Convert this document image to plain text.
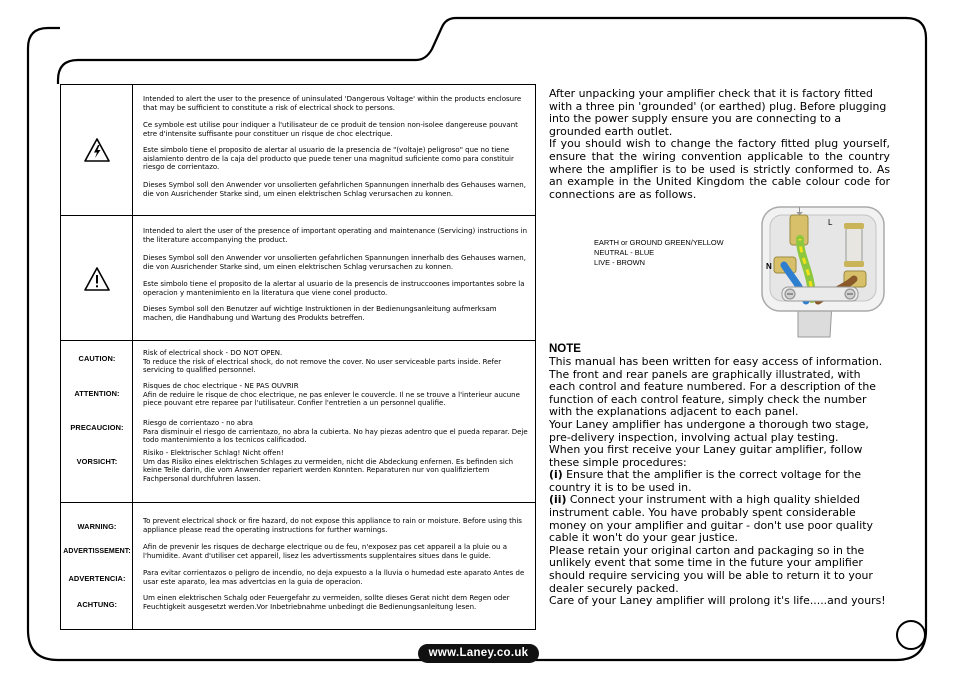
Intended to alert the user to the presence of uninsulated 'Dangerous Voltage' within the products enclosure that may be sufficient to constitute a risk of electrical shock to persons.

Ce symbole est utilise pour indiquer a l'utilisateur de ce produit de tension non-isolee dangereuse pouvant etre d'intensite suffisante pour constituer un risque de choc electrique.

Este simbolo tiene el proposito de alertar al usuario de la presencia de "(voltaje) peligroso" que no tiene aislamiento dentro de la caja del producto que puede tener una magnitud suficiente como para constituir riesgo de corrientazo.

Dieses Symbol soll den Anwender vor unsolierten gefahrlichen Spannungen innerhalb des Gehauses warnen, die von Ausrichender Starke sind, um einen elektrischen Schlag verursachen zu konnen.

Intended to alert the user of the presence of important operating and maintenance (Servicing) instructions in the literature accompanying the product.

Dieses Symbol soll den Anwender vor unsolierten gefahrlichen Spannungen innerhalb des Gehauses warnen, die von Ausrichender Starke sind, um einen elektrischen Schlag verursachen zu konnen.

Este simbolo tiene el proposito de la alertar al usuario de la presencis de instruccoones importantes sobre la operacion y mantenimiento en la literatura que viene conel producto.

Dieses Symbol soll den Benutzer auf wichtige Instruktionen in der Bedienungsanleitung aufmerksam machen, die Handhabung und Wartung des Produkts betreffen.

CAUTION:
ATTENTION:
PRECAUCION:
VORSICHT:

Risk of electrical shock - DO NOT OPEN.
To reduce the risk of electrical shock, do not remove the cover. No user serviceable parts inside. Refer servicing to qualified personnel.

Risques de choc electrique - NE PAS OUVRIR
Afin de reduire le risque de choc electrique, ne pas enlever le couvercle. Il ne se trouve a l'interieur aucune piece pouvant etre reparee par l'utilisateur. Confier l'entretien a un personnel qualifie.

Riesgo de corrientazo - no abra
Para disminuir el riesgo de carrientazo, no abra la cubierta. No hay piezas adentro que el pueda reparar. Deje todo mantenimiento a los tecnicos calificadod.

Risiko - Elektrischer Schlag! Nicht offen!
Um das Risiko eines elektrischen Schlages zu vermeiden, nicht die Abdeckung enfernen. Es befinden sich keine Teile darin, die vom Anwender repariert werden Konnten. Reparaturen nur von qualifiziertem Fachpersonal durchfuhren lassen.

WARNING:
ADVERTISSEMENT:
ADVERTENCIA:
ACHTUNG:

To prevent electrical shock or fire hazard, do not expose this appliance to rain or moisture. Before using this appliance please read the operating instructions for further warnings.

Afin de prevenir les risques de decharge electrique ou de feu, n'exposez pas cet appareil a la pluie ou a l'humidite. Avant d'utiliser cet appareil, lisez les advertissments supplentaires situes dans le guide.

Para evitar corrientazos o peligro de incendio, no deja expuesto a la lluvia o humedad este aparato Antes de usar este aparato, lea mas advertcias en la guia de operacion.

Um einen elektrischen Schalg oder Feuergefahr zu vermeiden, sollte dieses Gerat nicht dem Regen oder Feuchtigkeit ausgesetzt werden.Vor Inbetriebnahme unbedingt die Bedienungsanleitung lesen.

After unpacking your amplifier check that it is factory fitted with a three pin 'grounded' (or earthed) plug. Before plugging into the power supply ensure you are connecting to a grounded earth outlet.

If you should wish to change the factory fitted plug yourself, ensure that the wiring convention applicable to the country where the amplifier is to be used is strictly conformed to. As an example in the United Kingdom the cable colour code for connections are as follows.

NOTE

This manual has been written for easy access of information. The front and rear panels are graphically illustrated, with each control and feature numbered. For a description of the function of each control feature, simply check the number with the explanations adjacent to each panel.

Your Laney amplifier has undergone a thorough two stage, pre-delivery inspection, involving actual play testing.

When you first receive your Laney guitar amplifier, follow these simple procedures:

(i) Ensure that the amplifier is the correct voltage for the country it is to be used in.

(ii) Connect your instrument with a high quality shielded instrument cable. You have probably spent considerable money on your amplifier and guitar - don't use poor quality cable it won't do your gear justice.

Please retain your original carton and packaging so in the unlikely event that some time in the future your amplifier should require servicing you will be able to return it to your dealer securely packed.

Care of your Laney amplifier will prolong it's life.....and yours!

EARTH or GROUND GREEN/YELLOW
NEUTRAL - BLUE
LIVE - BROWN
⏚
L
N
www.Laney.co.uk
